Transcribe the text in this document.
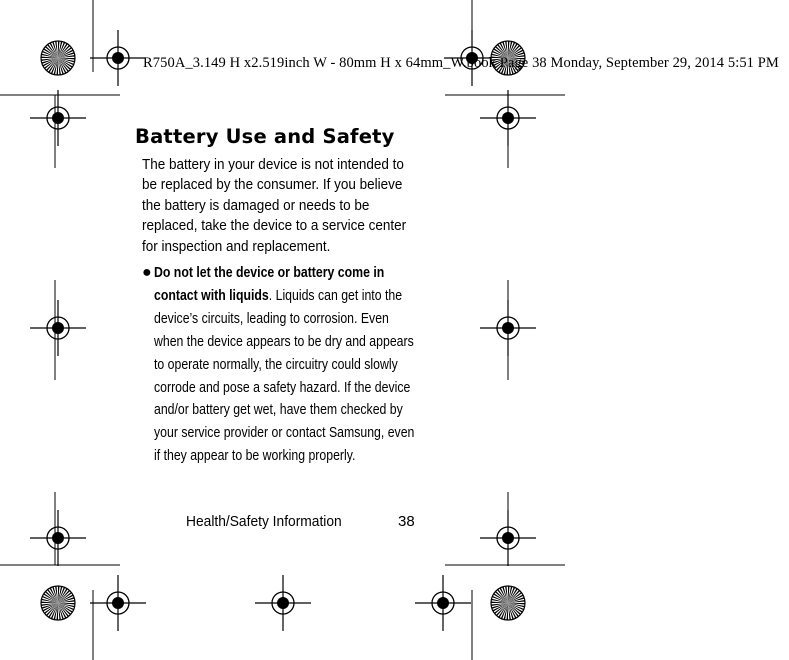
R750A_3.149 H x2.519inch W - 80mm H x 64mm_W.book Page 38 Monday, September 29, 2014 5:51 PM
Battery Use and Safety
The battery in your device is not intended to
be replaced by the consumer. If you believe
the battery is damaged or needs to be
replaced, take the device to a service center
for inspection and replacement.
● Do not let the device or battery come in
contact with liquids. Liquids can get into the
device’s circuits, leading to corrosion. Even
when the device appears to be dry and appears
to operate normally, the circuitry could slowly
corrode and pose a safety hazard. If the device
and/or battery get wet, have them checked by
your service provider or contact Samsung, even
if they appear to be working properly.
Health/Safety Information	38
